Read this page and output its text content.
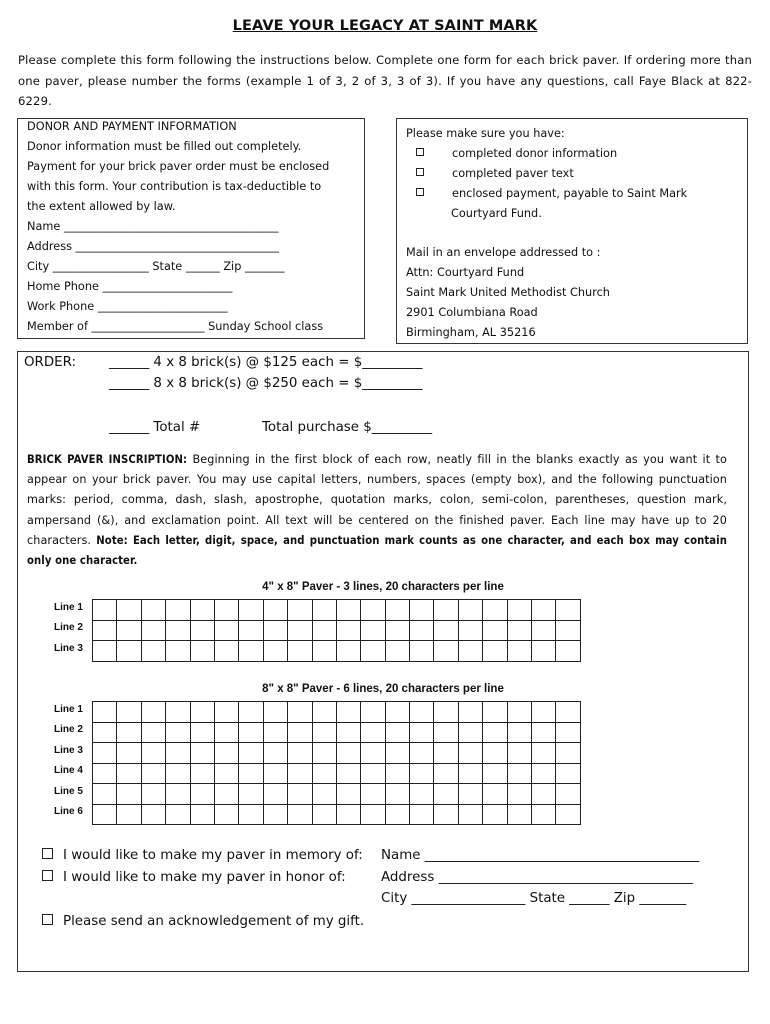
LEAVE YOUR LEGACY AT SAINT MARK
Please complete this form following the instructions below. Complete one form for each brick paver. If ordering more than one paver, please number the forms (example 1 of 3, 2 of 3, 3 of 3). If you have any questions, call Faye Black at 822-6229.
DONOR AND PAYMENT INFORMATION
Donor information must be filled out completely.
Payment for your brick paver order must be enclosed
with this form. Your contribution is tax-deductible to
the extent allowed by law.
Name ______________________________________
Address ____________________________________
City _________________ State ______ Zip _______
Home Phone _______________________
Work Phone _______________________
Member of ____________________ Sunday School class
Please make sure you have:
completed donor information
completed paver text
enclosed payment, payable to Saint Mark
Courtyard Fund.
Mail in an envelope addressed to :
Attn: Courtyard Fund
Saint Mark United Methodist Church
2901 Columbiana Road
Birmingham, AL 35216
ORDER: ______ 4 x 8 brick(s) @ $125 each = $_________
______ 8 x 8 brick(s) @ $250 each = $_________
______ Total #	Total purchase $_________
BRICK PAVER INSCRIPTION: Beginning in the first block of each row, neatly fill in the blanks exactly as you want it to appear on your brick paver. You may use capital letters, numbers, spaces (empty box), and the following punctuation marks: period, comma, dash, slash, apostrophe, quotation marks, colon, semi-colon, parentheses, question mark, ampersand (&), and exclamation point. All text will be centered on the finished paver. Each line may have up to 20 characters. Note: Each letter, digit, space, and punctuation mark counts as one character, and each box may contain only one character.
4" x 8" Paver - 3 lines, 20 characters per line
Line 1
Line 2
Line 3

8" x 8" Paver - 6 lines, 20 characters per line
Line 1
Line 2
Line 3
Line 4
Line 5
Line 6

I would like to make my paver in memory of:
I would like to make my paver in honor of:
Please send an acknowledgement of my gift.
Name _________________________________________
Address ______________________________________
City _________________ State ______ Zip _______
